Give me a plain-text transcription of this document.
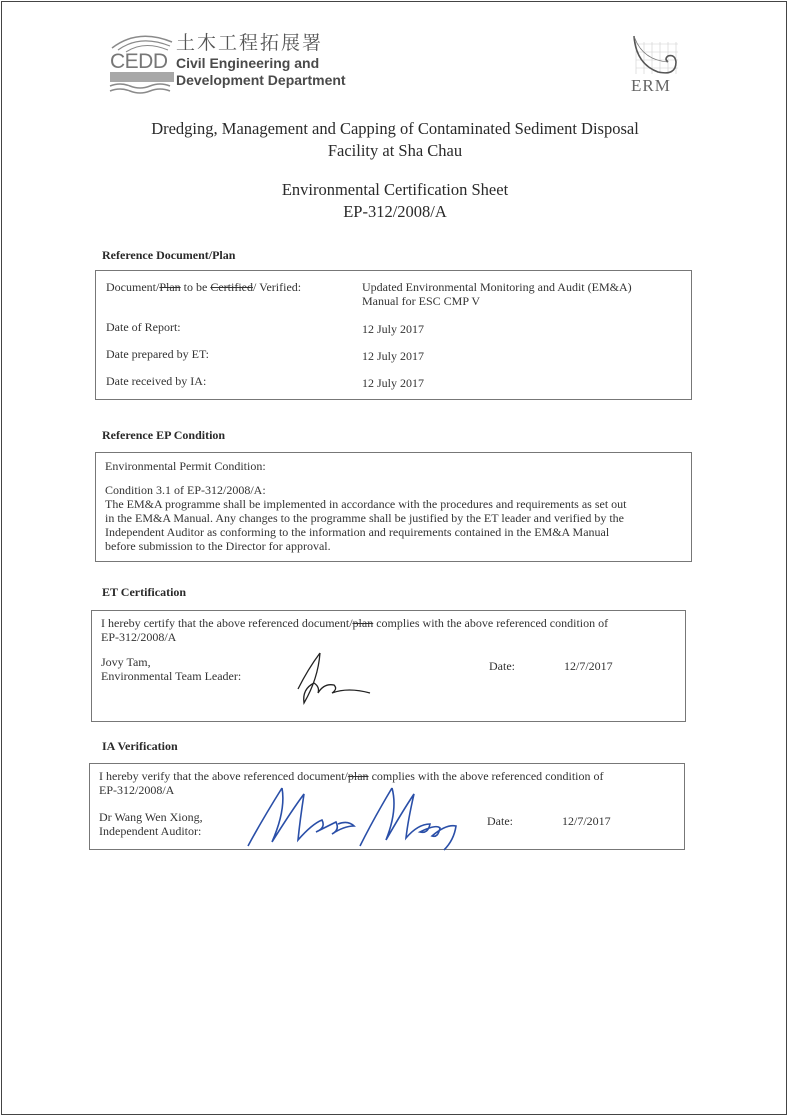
土木工程拓展署
CEDD Civil Engineering and
Development Department	ERM
Dredging, Management and Capping of Contaminated Sediment Disposal
Facility at Sha Chau
Environmental Certification Sheet
EP-312/2008/A
Reference Document/Plan
Document/Plan to be Certified/ Verified:	Updated Environmental Monitoring and Audit (EM&A)
Manual for ESC CMP V
Date of Report:	12 July 2017
Date prepared by ET:	12 July 2017
Date received by IA:	12 July 2017
Reference EP Condition
Environmental Permit Condition:
Condition 3.1 of EP-312/2008/A:
The EM&A programme shall be implemented in accordance with the procedures and requirements as set out
in the EM&A Manual. Any changes to the programme shall be justified by the ET leader and verified by the
Independent Auditor as conforming to the information and requirements contained in the EM&A Manual
before submission to the Director for approval.
ET Certification
I hereby certify that the above referenced document/plan complies with the above referenced condition of
EP-312/2008/A
Jovy Tam,
Environmental Team Leader:
Date:	12/7/2017
IA Verification
I hereby verify that the above referenced document/plan complies with the above referenced condition of
EP-312/2008/A
Dr Wang Wen Xiong,
Independent Auditor:
Date:	12/7/2017
